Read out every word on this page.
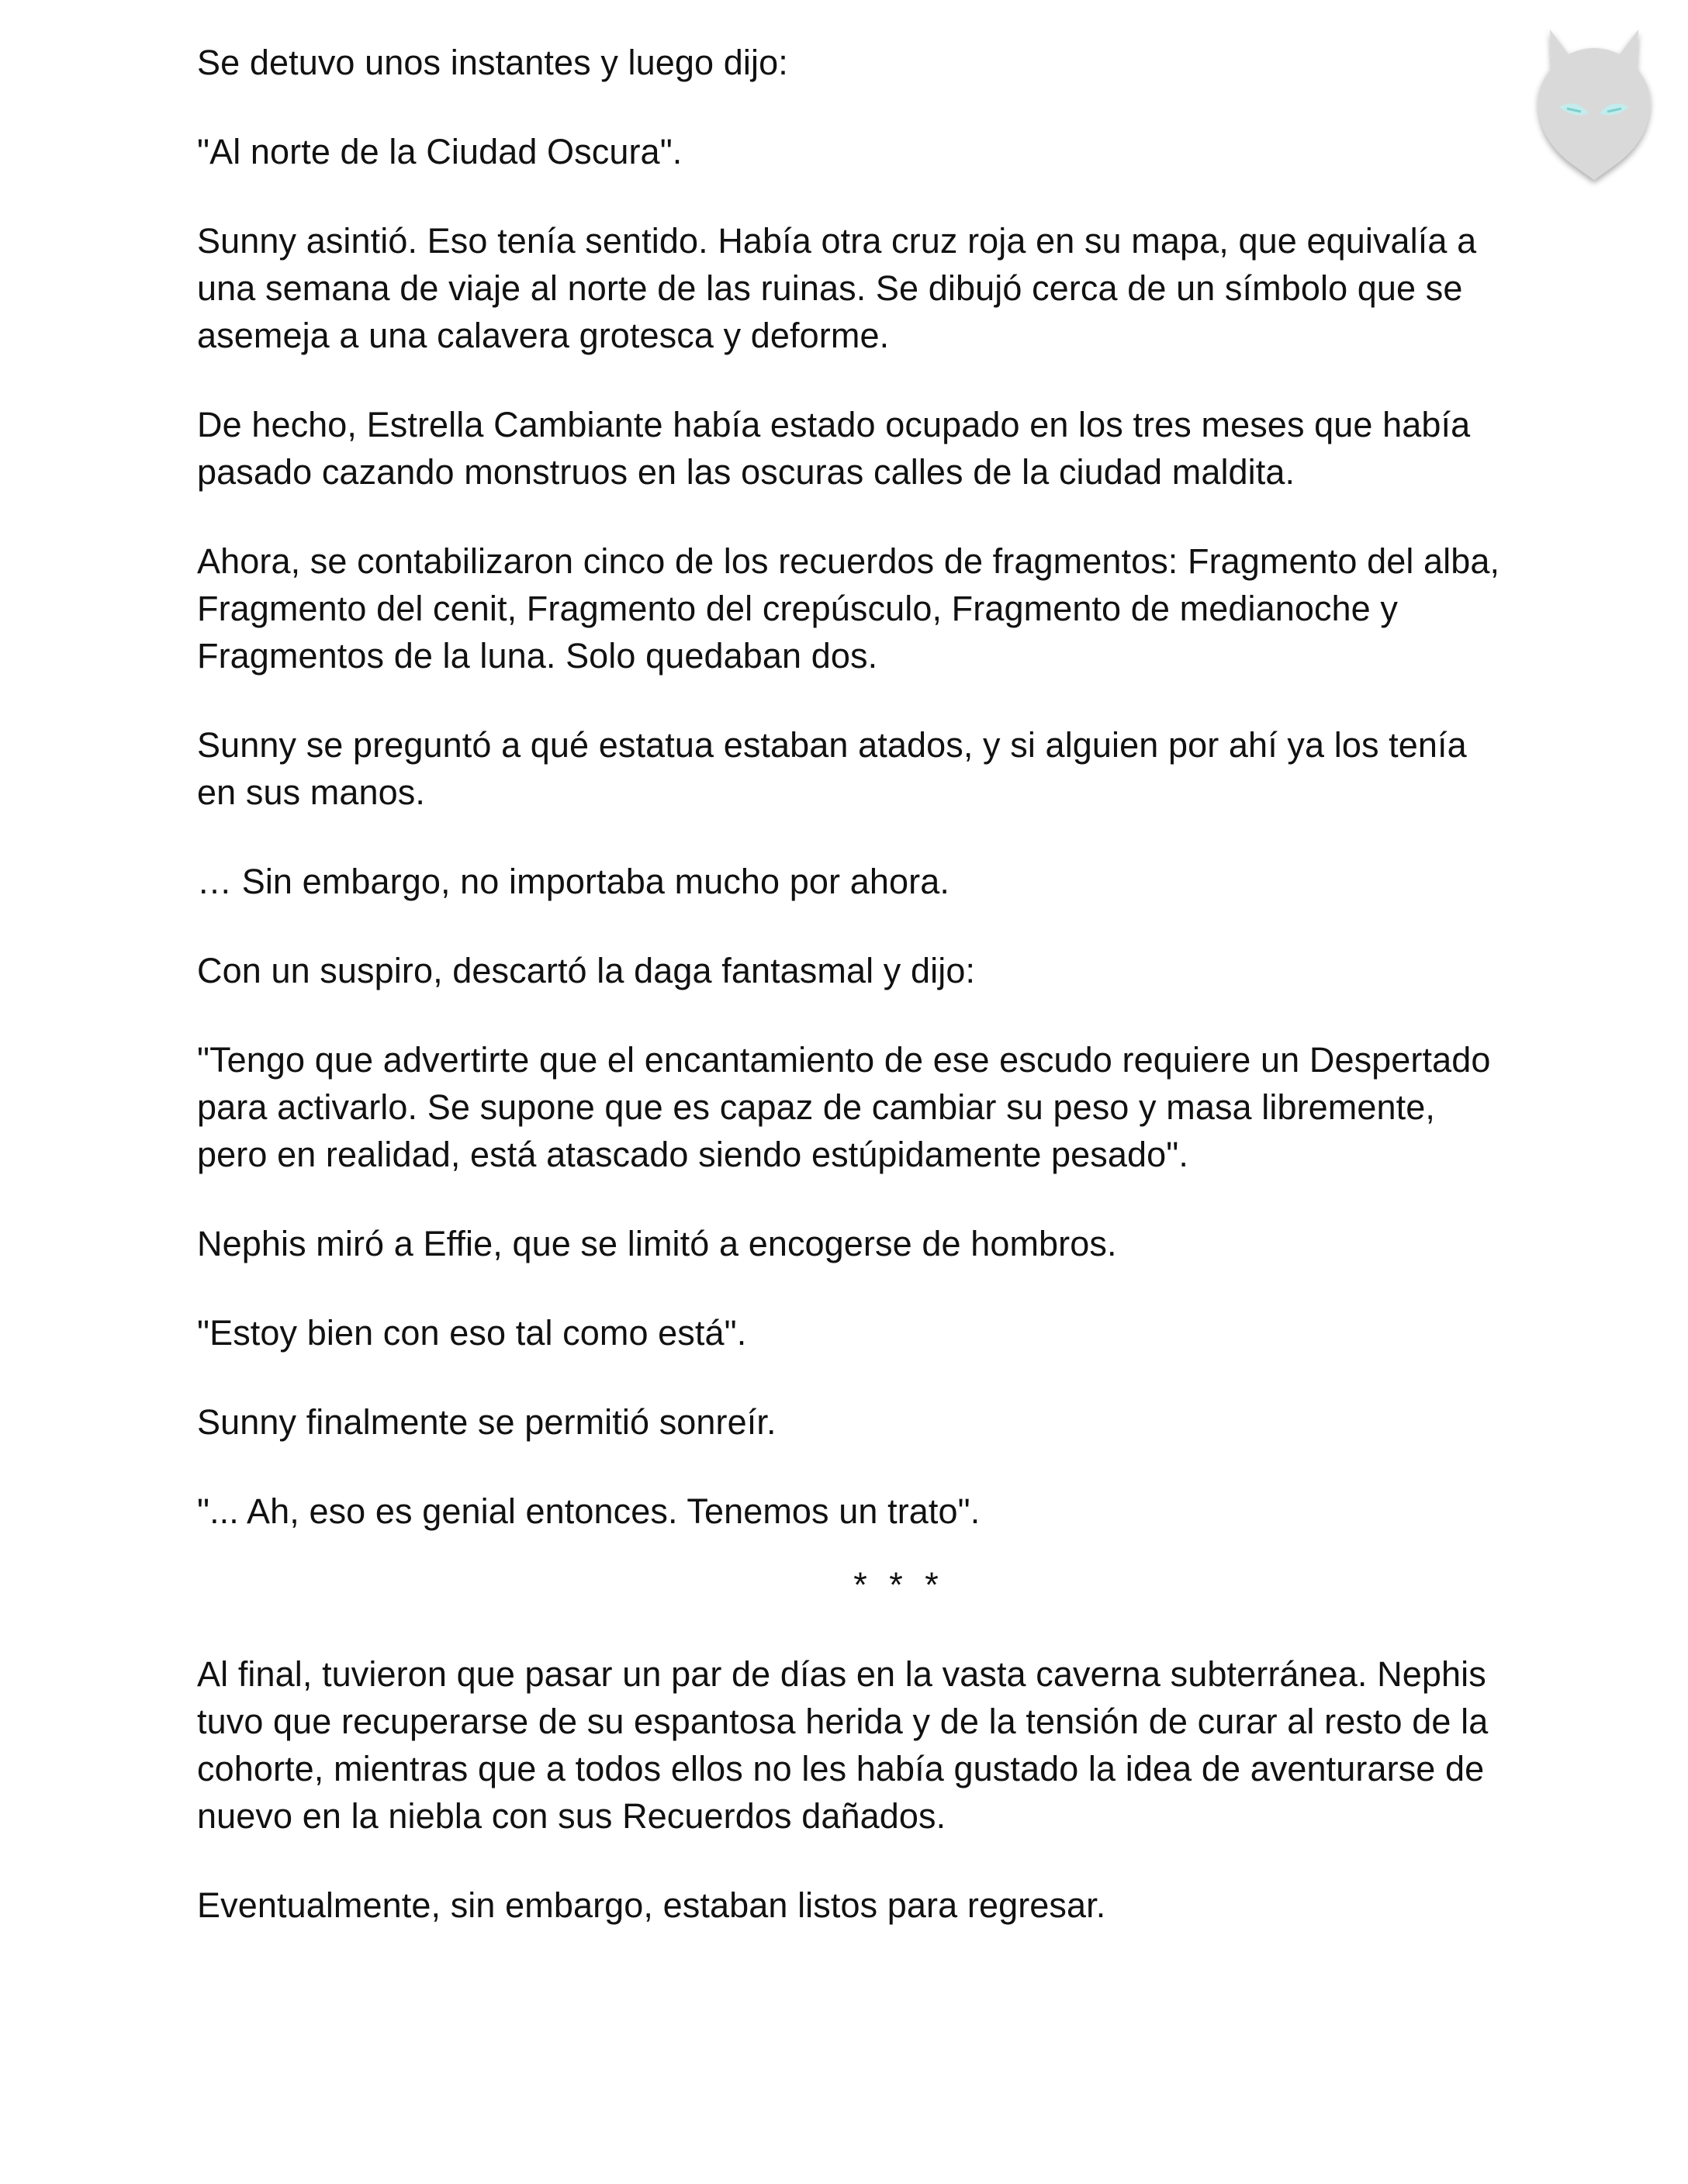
Se detuvo unos instantes y luego dijo:

"Al norte de la Ciudad Oscura".

Sunny asintió. Eso tenía sentido. Había otra cruz roja en su mapa, que equivalía a una semana de viaje al norte de las ruinas. Se dibujó cerca de un símbolo que se asemeja a una calavera grotesca y deforme.

De hecho, Estrella Cambiante había estado ocupado en los tres meses que había pasado cazando monstruos en las oscuras calles de la ciudad maldita.

Ahora, se contabilizaron cinco de los recuerdos de fragmentos: Fragmento del alba, Fragmento del cenit, Fragmento del crepúsculo, Fragmento de medianoche y Fragmentos de la luna. Solo quedaban dos.

Sunny se preguntó a qué estatua estaban atados, y si alguien por ahí ya los tenía en sus manos.

… Sin embargo, no importaba mucho por ahora.

Con un suspiro, descartó la daga fantasmal y dijo:

"Tengo que advertirte que el encantamiento de ese escudo requiere un Despertado para activarlo. Se supone que es capaz de cambiar su peso y masa libremente, pero en realidad, está atascado siendo estúpidamente pesado".

Nephis miró a Effie, que se limitó a encogerse de hombros.

"Estoy bien con eso tal como está".

Sunny finalmente se permitió sonreír.

"... Ah, eso es genial entonces. Tenemos un trato".

* * *

Al final, tuvieron que pasar un par de días en la vasta caverna subterránea. Nephis tuvo que recuperarse de su espantosa herida y de la tensión de curar al resto de la cohorte, mientras que a todos ellos no les había gustado la idea de aventurarse de nuevo en la niebla con sus Recuerdos dañados.

Eventualmente, sin embargo, estaban listos para regresar.
